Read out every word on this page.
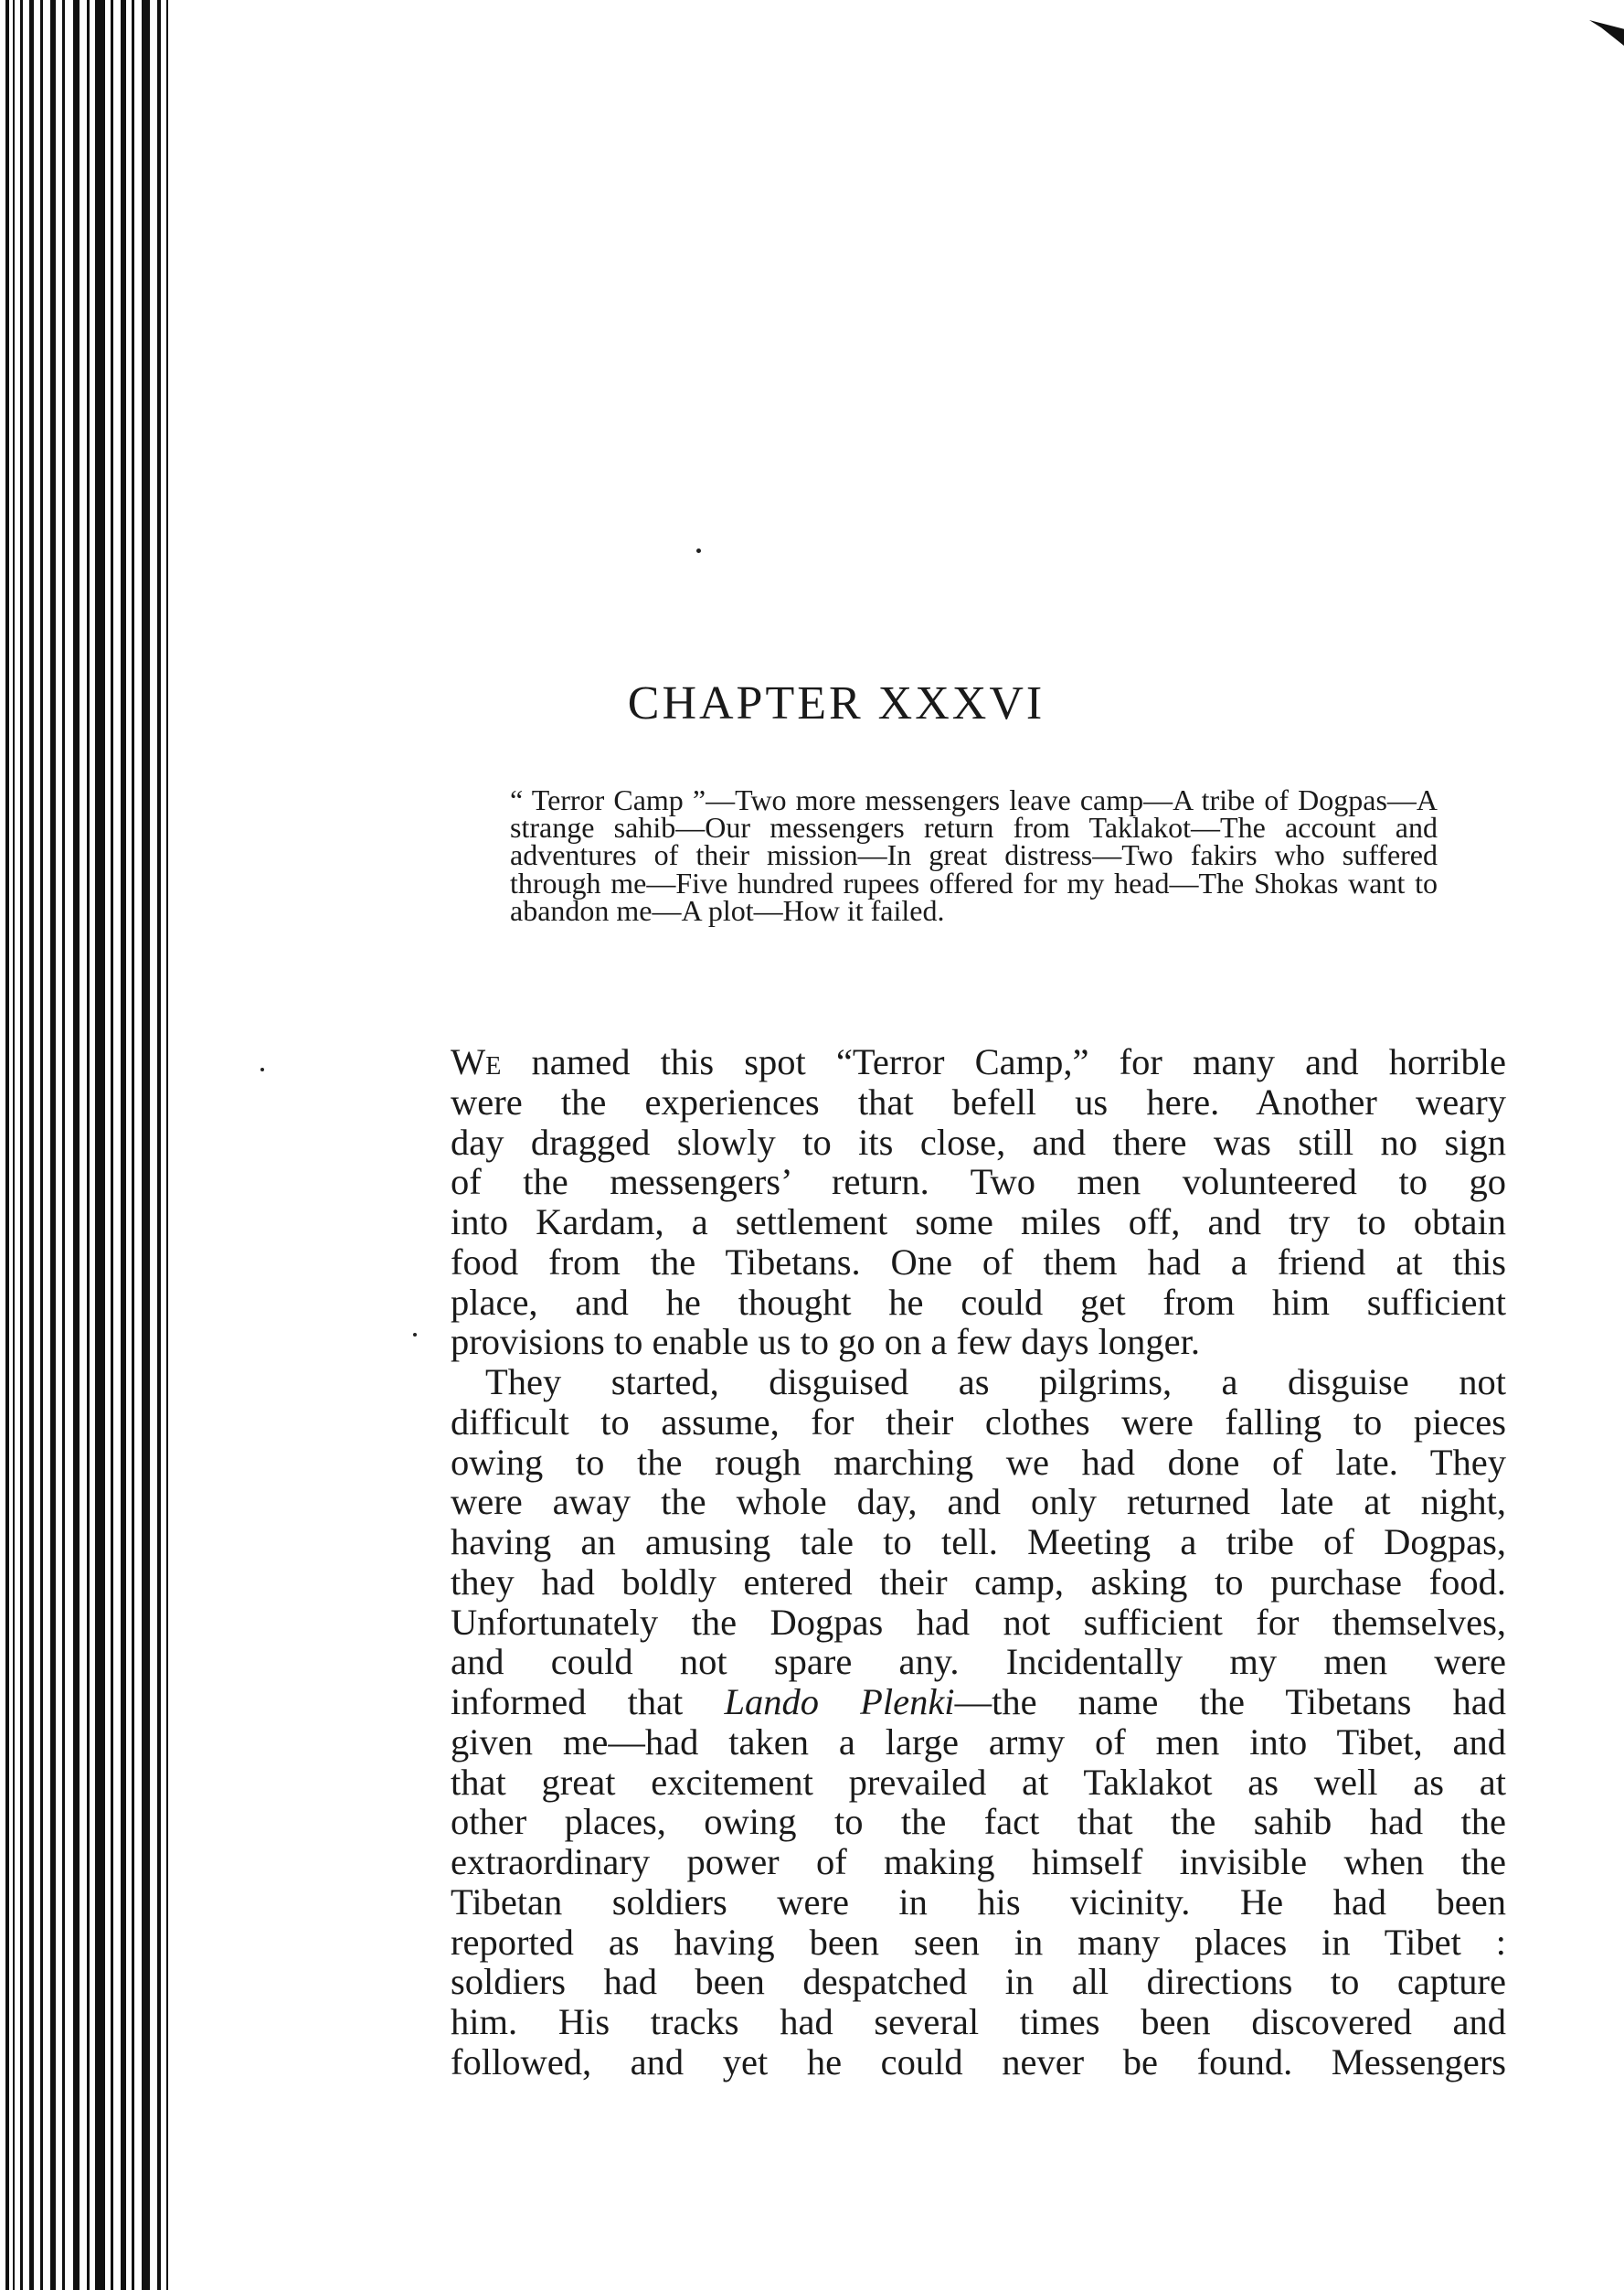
CHAPTER XXXVI

“ Terror Camp ”—Two more messengers leave camp—A tribe of Dogpas—A strange sahib—Our messengers return from Taklakot—The account and adventures of their mission—In great distress—Two fakirs who suffered through me—Five hundred rupees offered for my head—The Shokas want to abandon me—A plot—How it failed.

We named this spot “Terror Camp,” for many and horrible

were the experiences that befell us here. Another weary

day dragged slowly to its close, and there was still no sign

of the messengers’ return. Two men volunteered to go

into Kardam, a settlement some miles off, and try to obtain

food from the Tibetans. One of them had a friend at this

place, and he thought he could get from him sufficient

provisions to enable us to go on a few days longer.

They started, disguised as pilgrims, a disguise not

difficult to assume, for their clothes were falling to pieces

owing to the rough marching we had done of late. They

were away the whole day, and only returned late at night,

having an amusing tale to tell. Meeting a tribe of Dogpas,

they had boldly entered their camp, asking to purchase food.

Unfortunately the Dogpas had not sufficient for themselves,

and could not spare any. Incidentally my men were

informed that Lando Plenki—the name the Tibetans had

given me—had taken a large army of men into Tibet, and

that great excitement prevailed at Taklakot as well as at

other places, owing to the fact that the sahib had the

extraordinary power of making himself invisible when the

Tibetan soldiers were in his vicinity. He had been

reported as having been seen in many places in Tibet :

soldiers had been despatched in all directions to capture

him. His tracks had several times been discovered and

followed, and yet he could never be found. Messengers
